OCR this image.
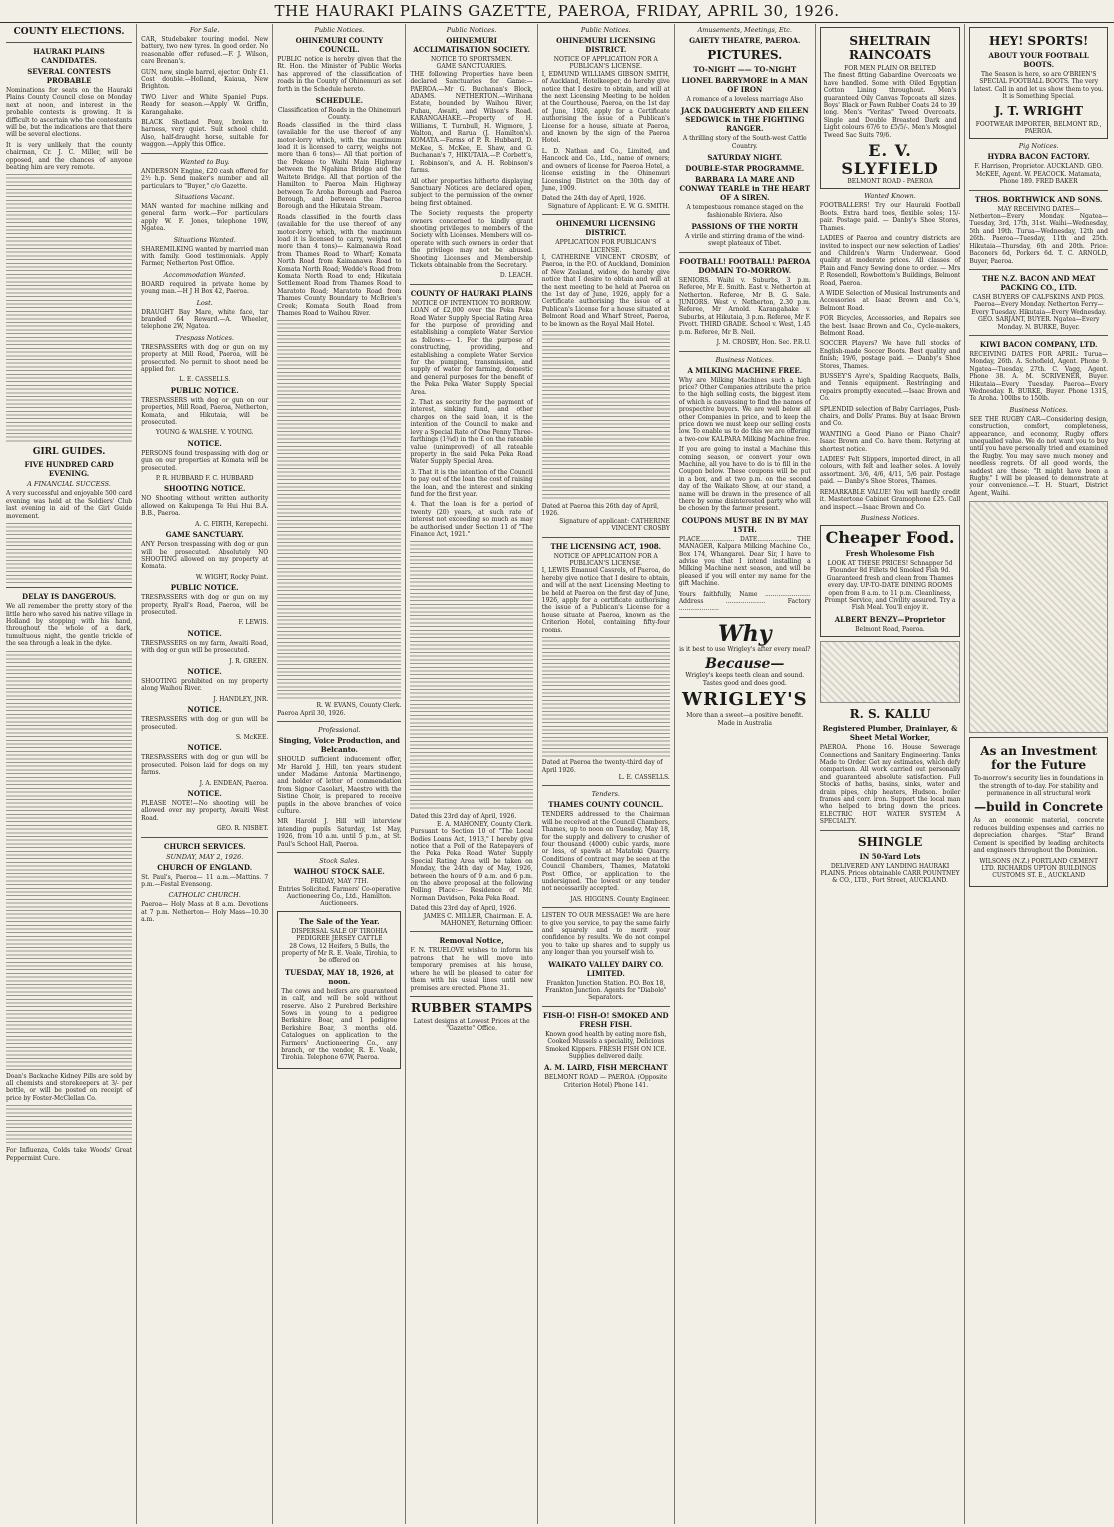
THE HAURAKI PLAINS GAZETTE, PAEROA, FRIDAY, APRIL 30, 1926.
COUNTY ELECTIONS.
HAURAKI PLAINS CANDIDATES.
SEVERAL CONTESTS PROBABLE

Nominations for seats on the Hauraki Plains County Council close on Monday next at noon, and interest in the probable contests is growing. It is difficult to ascertain who the contestants will be, but the indications are that there will be several elections.

It is very unlikely that the county chairman, Cr. J. C. Miller, will be opposed, and the chances of anyone beating him are very remote.

GIRL GUIDES.
FIVE HUNDRED CARD EVENING.
A FINANCIAL SUCCESS.

A very successful and enjoyable 500 card evening was held at the Soldiers' Club last evening in aid of the Girl Guide movement.

DELAY IS DANGEROUS.

We all remember the pretty story of the little hero who saved his native village in Holland by stopping with his hand, throughout the whole of a dark, tumultuous night, the gentle trickle of the sea through a leak in the dyke.

Doan's Backache Kidney Pills are sold by all chemists and storekeepers at 3/- per bottle, or will be posted on receipt of price by Foster-McClellan Co.

For Influenza, Colds take Woods' Great Peppermint Cure.

For Sale.

CAR, Studebaker touring model. New battery, two new tyres. In good order. No reasonable offer refused.—F. J. Wilson, care Brenan's.

GUN, new, single barrel, ejector. Only £1. Cost double.—Holland, Kaiaua, New Brighton.

TWO Liver and White Spaniel Pups. Ready for season.—Apply W. Griffin, Karangahake.

BLACK Shetland Pony, broken to harness, very quiet. Suit school child. Also, half-draught horse, suitable for waggon.—Apply this Office.

Wanted to Buy.

ANDERSON Engine, £20 cash offered for 2½ h.p. Send maker's number and all particulars to "Buyer," c/o Gazette.

Situations Vacant.

MAN wanted for machine milking and general farm work.—For particulars apply W. F. Jones, telephone 19W, Ngatea.

Situations Wanted.

SHAREMILKING wanted by married man with family. Good testimonials. Apply Farmer, Netherton Post Office.

Accommodation Wanted.

BOARD required in private home by young man.—H J H Box 42, Paeroa.

Lost.

DRAUGHT Bay Mare, white face, tar branded 64 Reward.—A. Wheeler, telephone 2W, Ngatea.

Trespass Notices.

TRESPASSERS with dog or gun on my property at Mill Road, Paeroa, will be prosecuted. No permit to shoot need be applied for.

L. E. CASSELLS.
PUBLIC NOTICE.

TRESPASSERS with dog or gun on our properties, Mill Road, Paeroa, Netherton, Komata, and Hikutaia, will be prosecuted.

YOUNG & WALSHE. V. YOUNG.
NOTICE.

PERSONS found trespassing with dog or gun on our properties at Komata will be prosecuted.

P. R. HUBBARD F. C. HUBBARD
SHOOTING NOTICE.

NO Shooting without written authority allowed on Kakupenga Te Hui Hui B.A. B.B., Paeroa.

A. C. FIRTH, Kerepechi.
GAME SANCTUARY.

ANY Person trespassing with dog or gun will be prosecuted. Absolutely NO SHOOTING allowed on my property at Komata.

W. WIGHT, Rocky Point.
PUBLIC NOTICE.

TRESPASSERS with dog or gun on my property, Ryall's Road, Paeroa, will be prosecuted.

F. LEWIS.
NOTICE.

TRESPASSERS on my farm, Awaiti Road, with dog or gun will be prosecuted.

J. R. GREEN.
NOTICE.

SHOOTING prohibited on my property along Waihou River.

J. HANDLEY, JNR.
NOTICE.

TRESPASSERS with dog or gun will be prosecuted.

S. McKEE.
NOTICE.

TRESPASSERS with dog or gun will be prosecuted. Poison laid for dogs on my farms.

J. A. ENDEAN, Paeroa.
NOTICE.

PLEASE NOTE!—No shooting will be allowed over my property, Awaiti West Road.

GEO. R. NISBET.
CHURCH SERVICES.
SUNDAY, MAY 2, 1926.
CHURCH OF ENGLAND.

St. Paul's, Paeroa— 11 a.m.—Mattins. 7 p.m.—Festal Evensong.

CATHOLIC CHURCH.

Paeroa— Holy Mass at 8 a.m. Devotions at 7 p.m. Netherton— Holy Mass—10.30 a.m.

Public Notices.
OHINEMURI COUNTY COUNCIL.

PUBLIC notice is hereby given that the Rt. Hon. the Minister of Public Works has approved of the classification of roads in the County of Ohinemuri as set forth in the Schedule hereto.

SCHEDULE.
Classification of Roads in the Ohinemuri County.

Roads classified in the third class (available for the use thereof of any motor-lorry which, with the maximum load it is licensed to carry, weighs not more than 6 tons)— All that portion of the Pokeno to Waihi Main Highway between the Ngahina Bridge and the Waitete Bridge. All that portion of the Hamilton to Paeroa Main Highway between Te Aroha Borough and Paeroa Borough, and between the Paeroa Borough and the Hikutaia Stream.

Roads classified in the fourth class (available for the use thereof of any motor-lorry which, with the maximum load it is licensed to carry, weighs not more than 4 tons)— Kaimanawa Road from Thames Road to Wharf; Komata North Road from Kaimanawa Road to Komata North Road; Wedde's Road from Komata North Road to end; Hikutaia Settlement Road from Thames Road to Maratoto Road; Maratoto Road from Thames County Boundary to McBrien's Creek; Komata South Road from Thames Road to Waihou River.

R. W. EVANS, County Clerk.
Paeroa April 30, 1926.
Professional.
Singing, Voice Production, and Belcanto.

SHOULD sufficient inducement offer, Mr Harold J. Hill, ten years student under Madame Antonia Martinengo, and holder of letter of commendation from Signor Casolari, Maestro with the Sistine Choir, is prepared to receive pupils in the above branches of voice culture.

MR Harold J. Hill will interview intending pupils Saturday, 1st May, 1926, from 10 a.m. until 5 p.m., at St. Paul's School Hall, Paeroa.

Stock Sales.
WAIHOU STOCK SALE.
FRIDAY, MAY 7TH.

Entries Solicited. Farmers' Co-operative Auctioneering Co., Ltd., Hamilton. Auctioneers.

The Sale of the Year.
DISPERSAL SALE OF TIROHIA PEDIGREE JERSEY CATTLE

28 Cows, 12 Heifers, 5 Bulls, the property of Mr R. E. Veale, Tirohia, to be offered on

TUESDAY, MAY 18, 1926, at noon.

The cows and heifers are guaranteed in calf, and will be sold without reserve. Also 2 Purebred Berkshire Sows in young to a pedigree Berkshire Boar, and 1 pedigree Berkshire Boar, 3 months old. Catalogues on application to the Farmers' Auctioneering Co., any branch, or the vendor, R. E. Veale, Tirohia. Telephone 67W, Paeroa.

Public Notices.
OHINEMURI ACCLIMATISATION SOCIETY.
NOTICE TO SPORTSMEN.
GAME SANCTUARIES.

THE following Properties have been declared Sanctuaries for Game:— PAEROA.—Mr G. Buchanan's Block, ADAMS. NETHERTON.—Wirihana Estate, bounded by Waihou River, Puhau, Awaiti, and Wilson's Road. KARANGAHAKE.—Property of H. Williams, T. Turnbull, H. Wigmore, J. Walton, and Rarua (J. Hamilton's). KOMATA.—Farms of P. R. Hubbard, D. McKee, S. McKee, E. Shaw, and G. Buchanan's 7, HIKUTAIA.—P. Corbett's, I. Robinson's, and A. H. Robinson's farms.

All other properties hitherto displaying Sanctuary Notices are declared open, subject to the permission of the owner being first obtained.

The Society requests the property owners concerned to kindly grant shooting privileges to members of the Society with Licenses. Members will co-operate with such owners in order that the privilege may not be abused. Shooting Licenses and Membership Tickets obtainable from the Secretary.

D. LEACH.
COUNTY OF HAURAKI PLAINS
NOTICE OF INTENTION TO BORROW.

LOAN of £2,000 over the Peka Peka Road Water Supply Special Rating Area for the purpose of providing and establishing a complete Water Service as follows:— 1. For the purpose of constructing, providing, and establishing a complete Water Service for the pumping, transmission, and supply of water for farming, domestic and general purposes for the benefit of the Peka Peka Water Supply Special Area.

2. That as security for the payment of interest, sinking fund, and other charges on the said loan, it is the intention of the Council to make and levy a Special Rate of One Penny Three-farthings (1¾d) in the £ on the rateable value (unimproved) of all rateable property in the said Peka Peka Road Water Supply Special Area.

3. That it is the intention of the Council to pay out of the loan the cost of raising the loan, and the interest and sinking fund for the first year.

4. That the loan is for a period of twenty (20) years, at such rate of interest not exceeding so much as may be authorised under Section 11 of "The Finance Act, 1921."

Dated this 23rd day of April, 1926.
E. A. MAHONEY, County Clerk.

Pursuant to Section 10 of "The Local Bodies Loans Act, 1913," I hereby give notice that a Poll of the Ratepayers of the Peka Peka Road Water Supply Special Rating Area will be taken on Monday, the 24th day of May, 1926, between the hours of 9 a.m. and 6 p.m. on the above proposal at the following Polling Place:— Residence of Mr. Norman Davidson, Peka Peka Road.

Dated this 23rd day of April, 1926.
JAMES C. MILLER, Chairman. E. A. MAHONEY, Returning Officer.
Removal Notice,

F. N. TRUELOVE wishes to inform his patrons that he will move into temporary premises at his house, where he will be pleased to cater for them with his usual lines until new premises are erected. Phone 31.

RUBBER STAMPS

Latest designs at Lowest Prices at the "Gazette" Office.

Public Notices.
OHINEMURI LICENSING DISTRICT.
NOTICE OF APPLICATION FOR A PUBLICAN'S LICENSE.

I, EDMUND WILLIAMS GIBSON SMITH, of Auckland, Hotelkeeper, do hereby give notice that I desire to obtain, and will at the next Licensing Meeting to be holden at the Courthouse, Paeroa, on the 1st day of June, 1926, apply for a Certificate authorising the issue of a Publican's License for a house, situate at Paeroa, and known by the sign of the Paeroa Hotel.

L. D. Nathan and Co., Limited, and Hancock and Co., Ltd., name of owners; and owners of license for Paeroa Hotel, a license existing in the Ohinemuri Licensing District on the 30th day of June, 1909.

Dated the 24th day of April, 1926.
Signature of Applicant: E. W. G. SMITH.
OHINEMURI LICENSING DISTRICT.
APPLICATION FOR PUBLICAN'S LICENSE.

I, CATHERINE VINCENT CROSBY, of Paeroa, in the P.O. of Auckland, Dominion of New Zealand, widow, do hereby give notice that I desire to obtain and will at the next meeting to be held at Paeroa on the 1st day of June, 1926, apply for a Certificate authorising the issue of a Publican's License for a house situated at Belmont Road and Wharf Street, Paeroa, to be known as the Royal Mail Hotel.

Dated at Paeroa this 26th day of April, 1926.
Signature of applicant: CATHERINE VINCENT CROSBY
THE LICENSING ACT, 1908.
NOTICE OF APPLICATION FOR A PUBLICAN'S LICENSE.

I, LEWIS Emanuel Cassrels, of Paeroa, do hereby give notice that I desire to obtain, and will at the next Licensing Meeting to be held at Paeroa on the first day of June, 1926, apply for a certificate authorising the issue of a Publican's License for a house situate at Paeroa, known as the Criterion Hotel, containing fifty-four rooms.

Dated at Paeroa the twenty-third day of April 1926.
L. E. CASSELLS.
Tenders.
THAMES COUNTY COUNCIL.

TENDERS addressed to the Chairman will be received at the Council Chambers, Thames, up to noon on Tuesday, May 18, for the supply and delivery to crusher of four thousand (4000) cubic yards, more or less, of spawls at Matatoki Quarry. Conditions of contract may be seen at the Council Chambers, Thames, Matatoki Post Office, or application to the undersigned. The lowest or any tender not necessarily accepted.

JAS. HIGGINS. County Engineer.

LISTEN TO OUR MESSAGE! We are here to give you service, to pay the same fairly and squarely and to merit your confidence by results. We do not compel you to take up shares and to supply us any longer than you yourself wish to.

WAIKATO VALLEY DAIRY CO. LIMITED.

Frankton Junction Station. P.O. Box 18, Frankton Junction. Agents for "Diabolo" Separators.

FISH-O! FISH-O! SMOKED AND FRESH FISH.

Known good health by eating more fish, Cooked Mussels a speciality, Delicious Smoked Kippers. FRESH FISH ON ICE. Supplies delivered daily.

A. M. LAIRD, FISH MERCHANT

BELMONT ROAD — PAEROA. (Opposite Criterion Hotel) Phone 141.

Amusements, Meetings, Etc.
GAIETY THEATRE, PAEROA.
PICTURES.
TO-NIGHT —— TO-NIGHT
LIONEL BARRYMORE in A MAN OF IRON

A romance of a loveless marriage Also

JACK DAUGHERTY AND EILEEN SEDGWICK in THE FIGHTING RANGER.

A thrilling story of the South-west Cattle Country.

SATURDAY NIGHT.
DOUBLE-STAR PROGRAMME.
BARBARA LA MARE AND CONWAY TEARLE in THE HEART OF A SIREN.

A tempestuous romance staged on the fashionable Riviera. Also

PASSIONS OF THE NORTH

A virile and stirring drama of the wind-swept plateaux of Tibet.

FOOTBALL! FOOTBALL! PAEROA DOMAIN TO-MORROW.

SENIORS. Waihi v. Suburbs, 3 p.m. Referee, Mr E. Smith. East v. Netherton at Netherton. Referee, Mr B. G. Sale. JUNIORS. West v. Netherton, 2.30 p.m. Referee, Mr Arnold. Karangahake v. Suburbs, at Hikutaia, 3 p.m. Referee, Mr F. Pivott. THIRD GRADE. School v. West, 1.45 p.m. Referee, Mr B. Neil.

J. M. CROSBY, Hon. Sec. P.R.U.
Business Notices.
A MILKING MACHINE FREE.

Why are Milking Machines such a high price? Other Companies attribute the price to the high selling costs, the biggest item of which is canvassing to find the names of prospective buyers. We are well below all other Companies in price, and to keep the price down we must keep our selling costs low. To enable us to do this we are offering a two-cow KALPARA Milking Machine free.

If you are going to instal a Machine this coming season, or convert your own Machine, all you have to do is to fill in the Coupon below. These coupons will be put in a box, and at two p.m. on the second day of the Waikato Show, at our stand, a name will be drawn in the presence of all there by some disinterested party who will be chosen by the farmer present.

COUPONS MUST BE IN BY MAY 15TH.

PLACE.................. DATE.................. THE MANAGER, Kalpara Milking Machine Co., Box 174, Whangarei. Dear Sir, I have to advise you that I intend installing a Milking Machine next season, and will be pleased if you will enter my name for the gift Machine.

Yours faithfully, Name ........................ Address ..................... Factory .....................

Why

is it best to use Wrigley's after every meal?

Because—

Wrigley's keeps teeth clean and sound. Tastes good and does good.

WRIGLEY'S

More than a sweet—a positive benefit. Made in Australia

SHELTRAIN RAINCOATS
FOR MEN PLAIN OR BELTED

The finest fitting Gabardine Overcoats we have handled. Some with Oiled Egyptian Cotton Lining throughout. Men's guaranteed Oily Canvas Topcoats all sizes. Boys' Black or Fawn Rubber Coats 24 to 39 long. Men's "Veritas" Tweed Overcoats. Single and Double Breasted Dark and Light colours 67/6 to £5/5/-. Men's Mosgiel Tweed Sac Suits 79/6.

E. V. SLYFIELD
BELMONT ROAD - PAEROA
Wanted Known.

FOOTBALLERS! Try our Hauraki Football Boots. Extra hard toes, flexible soles; 15/- pair. Postage paid. — Danby's Shoe Stores, Thames.

LADIES of Paeroa and country districts are invited to inspect our new selection of Ladies' and Children's Warm Underwear. Good quality at moderate prices. All classes of Plain and Fancy Sewing done to order. — Mrs P. Rosendell, Rowbottom's Buildings, Belmont Road, Paeroa.

A WIDE Selection of Musical Instruments and Accessories at Isaac Brown and Co.'s, Belmont Road.

FOR Bicycles, Accessories, and Repairs see the best. Isaac Brown and Co., Cycle-makers, Belmont Road.

SOCCER Players? We have full stocks of English-made Soccer Boots. Best quality and finish; 19/6, postage paid. — Danby's Shoe Stores, Thames.

BUSSEY'S Ayre's, Spalding Racquets, Balls, and Tennis equipment. Restringing and repairs promptly executed.—Isaac Brown and Co.

SPLENDID selection of Baby Carriages, Push-chairs, and Dolls' Prams. Buy at Isaac Brown and Co.

WANTING a Good Piano or Piano Chair? Isaac Brown and Co. have them. Retyring at shortest notice.

LADIES' Felt Slippers, imported direct, in all colours, with felt and leather soles. A lovely assortment. 3/6, 4/6, 4/11, 5/6 pair. Postage paid. — Danby's Shoe Stores, Thames.

REMARKABLE VALUE! You will hardly credit it. Mastertone Cabinet Gramophone £25. Call and inspect.—Isaac Brown and Co.

Business Notices.
Cheaper Food.
Fresh Wholesome Fish

LOOK AT THESE PRICES! Schnapper 5d Flounder 8d Fillets 9d Smoked Fish 9d. Guaranteed fresh and clean from Thames every day. UP-TO-DATE DINING ROOMS open from 8 a.m. to 11 p.m. Cleanliness, Prompt Service, and Civility assured. Try a Fish Meal. You'll enjoy it.

ALBERT BENZY—Proprietor
Belmont Road, Paeroa.
R. S. KALLU
Registered Plumber, Drainlayer, & Sheet Metal Worker,

PAEROA. Phone 16. House Sewerage Connections and Sanitary Engineering. Tanks Made to Order. Get my estimates, which defy comparison. All work carried out personally and guaranteed absolute satisfaction. Full Stocks of baths, basins, sinks, water and drain pipes, chip heaters, Hudson. boiler frames and corr. iron. Support the local man who helped to bring down the prices. ELECTRIC HOT WATER SYSTEM A SPECIALTY.

SHINGLE
IN 50-Yard Lots

DELIVERED ANY LANDING HAURAKI PLAINS. Prices obtainable CARR POUNTNEY & CO., LTD., Fort Street, AUCKLAND.

HEY! SPORTS!
ABOUT YOUR FOOTBALL BOOTS.

The Season is here, so are O'BRIEN'S SPECIAL FOOTBALL BOOTS. The very latest. Call in and let us show them to you. It is Something Special.

J. T. WRIGHT
FOOTWEAR IMPORTER, BELMONT RD., PAEROA.
Pig Notices.
HYDRA BACON FACTORY.

F. Harrison, Proprietor. AUCKLAND. GEO. McKEE, Agent. W. PEACOCK. Matamata, Phone 189. FRED BAKER

THOS. BORTHWICK AND SONS.
MAY RECEIVING DATES—

Netherton—Every Monday. Ngatea—Tuesday, 3rd, 17th, 31st. Waihi—Wednesday, 5th and 19th. Turua—Wednesday, 12th and 26th. Paeroa—Tuesday, 11th and 25th. Hikutaia—Thursday, 6th and 20th. Price: Baconers 6d, Porkers 6d. T. C. ARNOLD, Buyer, Paeroa.

THE N.Z. BACON AND MEAT PACKING CO., LTD.

CASH BUYERS OF CALFSKINS AND PIGS. Paeroa—Every Monday. Netherton Ferry—Every Tuesday. Hikutaia—Every Wednesday. GEO. SARJANT, BUYER. Ngatea—Every Monday. N. BURKE, Buyer.

KIWI BACON COMPANY, LTD.

RECEIVING DATES FOR APRIL: Turua—Monday, 26th. A. Schofield, Agent. Phone 9. Ngatea—Tuesday, 27th. C. Vagg, Agent. Phone 38. A. M. SCRIVENER, Buyer. Hikutaia—Every Tuesday. Paeroa—Every Wednesday. R. BURKE, Buyer. Phone 131S, Te Aroha. 100lbs to 150lb.

Business Notices.

SEE THE RUGBY CAR—Considering design, construction, comfort, completeness, appearance, and economy, Rugby offers unequalled value. We do not want you to buy until you have personally tried and examined the Rugby. You may save much money and needless regrets. Of all good words, the saddest are these: "It might have been a Rugby." I will be pleased to demonstrate at your convenience.—T. H. Stuart, District Agent, Waihi.

As an Investment for the Future

To-morrow's security lies in foundations in the strength of to-day. For stability and permanence in all structural work

—build in Concrete

As an economic material, concrete reduces building expenses and carries no depreciation charges. "Star" Brand Cement is specified by leading architects and engineers throughout the Dominion.

WILSONS (N.Z.) PORTLAND CEMENT LTD. RICHARDS UPTON BUILDINGS CUSTOMS ST. E., AUCKLAND
